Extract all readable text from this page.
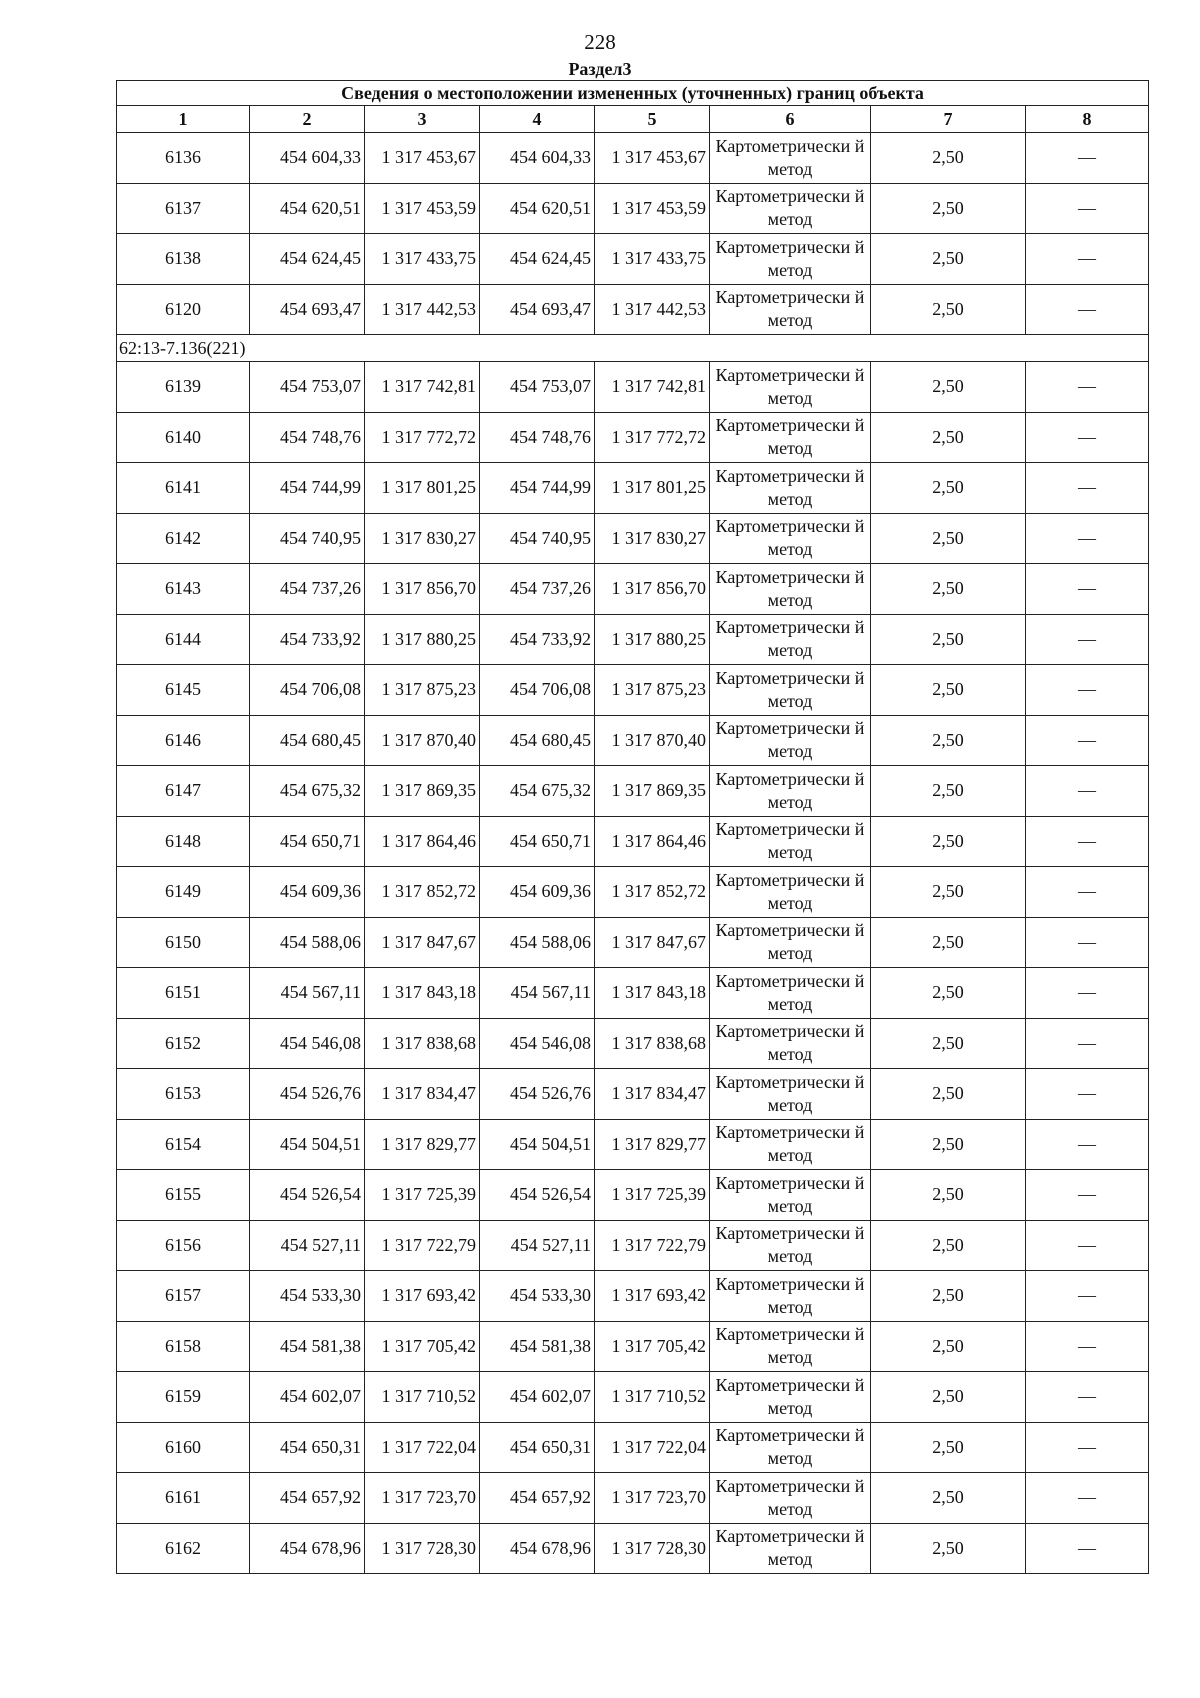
228
Раздел3
Сведения о местоположении измененных (уточненных) границ объекта							
1	2	3	4	5	6	7	8
6136	454 604,33	1 317 453,67	454 604,33	1 317 453,67	Картометрически й метод	2,50	—
6137	454 620,51	1 317 453,59	454 620,51	1 317 453,59	Картометрически й метод	2,50	—
6138	454 624,45	1 317 433,75	454 624,45	1 317 433,75	Картометрически й метод	2,50	—
6120	454 693,47	1 317 442,53	454 693,47	1 317 442,53	Картометрически й метод	2,50	—
62:13-7.136(221)							
6139	454 753,07	1 317 742,81	454 753,07	1 317 742,81	Картометрически й метод	2,50	—
6140	454 748,76	1 317 772,72	454 748,76	1 317 772,72	Картометрически й метод	2,50	—
6141	454 744,99	1 317 801,25	454 744,99	1 317 801,25	Картометрически й метод	2,50	—
6142	454 740,95	1 317 830,27	454 740,95	1 317 830,27	Картометрически й метод	2,50	—
6143	454 737,26	1 317 856,70	454 737,26	1 317 856,70	Картометрически й метод	2,50	—
6144	454 733,92	1 317 880,25	454 733,92	1 317 880,25	Картометрически й метод	2,50	—
6145	454 706,08	1 317 875,23	454 706,08	1 317 875,23	Картометрически й метод	2,50	—
6146	454 680,45	1 317 870,40	454 680,45	1 317 870,40	Картометрически й метод	2,50	—
6147	454 675,32	1 317 869,35	454 675,32	1 317 869,35	Картометрически й метод	2,50	—
6148	454 650,71	1 317 864,46	454 650,71	1 317 864,46	Картометрически й метод	2,50	—
6149	454 609,36	1 317 852,72	454 609,36	1 317 852,72	Картометрически й метод	2,50	—
6150	454 588,06	1 317 847,67	454 588,06	1 317 847,67	Картометрически й метод	2,50	—
6151	454 567,11	1 317 843,18	454 567,11	1 317 843,18	Картометрически й метод	2,50	—
6152	454 546,08	1 317 838,68	454 546,08	1 317 838,68	Картометрически й метод	2,50	—
6153	454 526,76	1 317 834,47	454 526,76	1 317 834,47	Картометрически й метод	2,50	—
6154	454 504,51	1 317 829,77	454 504,51	1 317 829,77	Картометрически й метод	2,50	—
6155	454 526,54	1 317 725,39	454 526,54	1 317 725,39	Картометрически й метод	2,50	—
6156	454 527,11	1 317 722,79	454 527,11	1 317 722,79	Картометрически й метод	2,50	—
6157	454 533,30	1 317 693,42	454 533,30	1 317 693,42	Картометрически й метод	2,50	—
6158	454 581,38	1 317 705,42	454 581,38	1 317 705,42	Картометрически й метод	2,50	—
6159	454 602,07	1 317 710,52	454 602,07	1 317 710,52	Картометрически й метод	2,50	—
6160	454 650,31	1 317 722,04	454 650,31	1 317 722,04	Картометрически й метод	2,50	—
6161	454 657,92	1 317 723,70	454 657,92	1 317 723,70	Картометрически й метод	2,50	—
6162	454 678,96	1 317 728,30	454 678,96	1 317 728,30	Картометрически й метод	2,50	—
